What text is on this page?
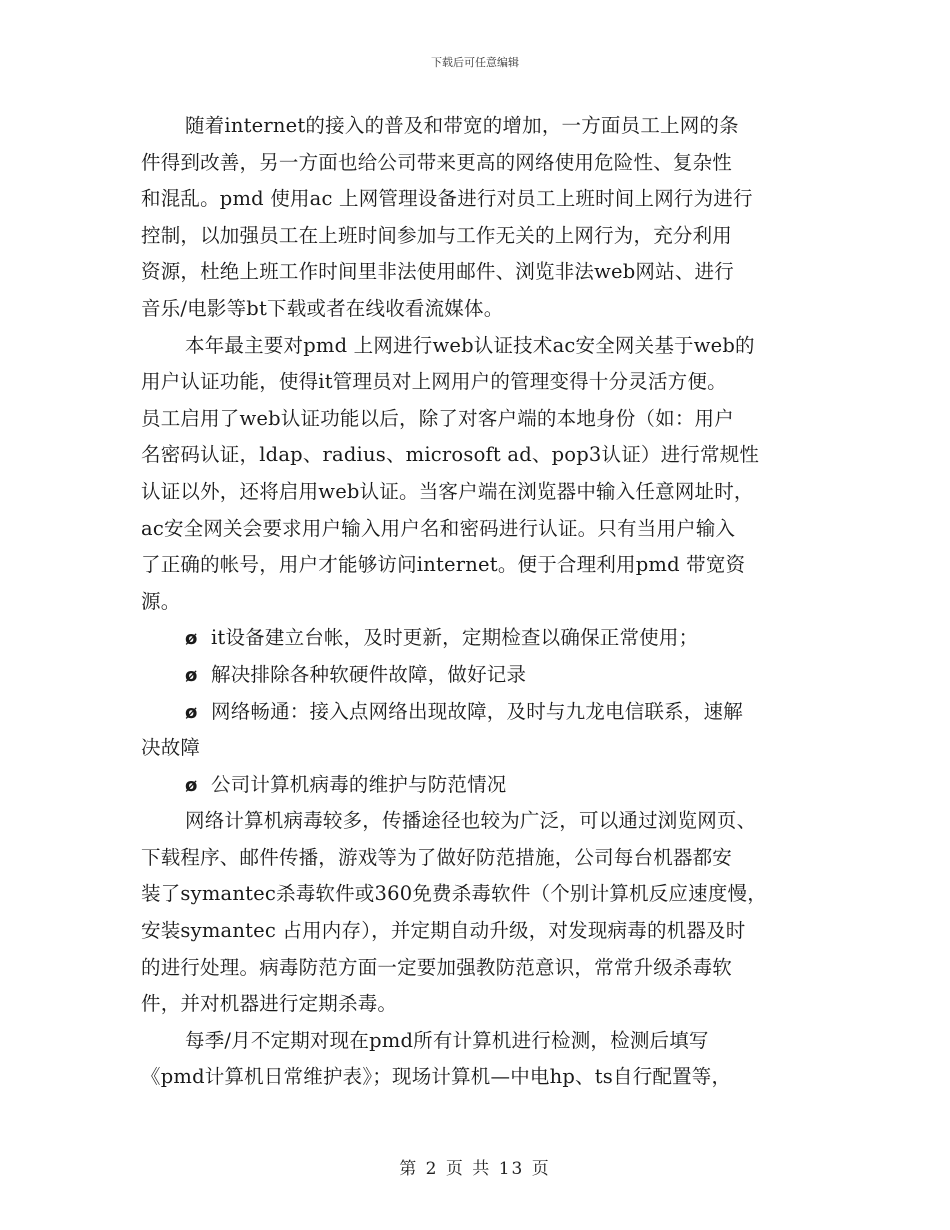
下载后可任意编辑
随着internet的接入的普及和带宽的增加，一方面员工上网的条
件得到改善，另一方面也给公司带来更高的网络使用危险性、复杂性
和混乱。pmd 使用ac 上网管理设备进行对员工上班时间上网行为进行
控制，以加强员工在上班时间参加与工作无关的上网行为，充分利用
资源，杜绝上班工作时间里非法使用邮件、浏览非法web网站、进行
音乐/电影等bt下载或者在线收看流媒体。
本年最主要对pmd 上网进行web认证技术ac安全网关基于web的
用户认证功能，使得it管理员对上网用户的管理变得十分灵活方便。
员工启用了web认证功能以后，除了对客户端的本地身份（如：用户
名密码认证，ldap、radius、microsoft ad、pop3认证）进行常规性
认证以外，还将启用web认证。当客户端在浏览器中输入任意网址时，
ac安全网关会要求用户输入用户名和密码进行认证。只有当用户输入
了正确的帐号，用户才能够访问internet。便于合理利用pmd 带宽资
源。
ø it设备建立台帐，及时更新，定期检查以确保正常使用；
ø 解决排除各种软硬件故障，做好记录
ø 网络畅通：接入点网络出现故障，及时与九龙电信联系，速解
决故障
ø 公司计算机病毒的维护与防范情况
网络计算机病毒较多，传播途径也较为广泛，可以通过浏览网页、
下载程序、邮件传播，游戏等为了做好防范措施，公司每台机器都安
装了symantec杀毒软件或360免费杀毒软件（个别计算机反应速度慢，
安装symantec 占用内存），并定期自动升级，对发现病毒的机器及时
的进行处理。病毒防范方面一定要加强教防范意识，常常升级杀毒软
件，并对机器进行定期杀毒。
每季/月不定期对现在pmd所有计算机进行检测，检测后填写
《pmd计算机日常维护表》；现场计算机—中电hp、ts自行配置等，
第 2 页 共 13 页
